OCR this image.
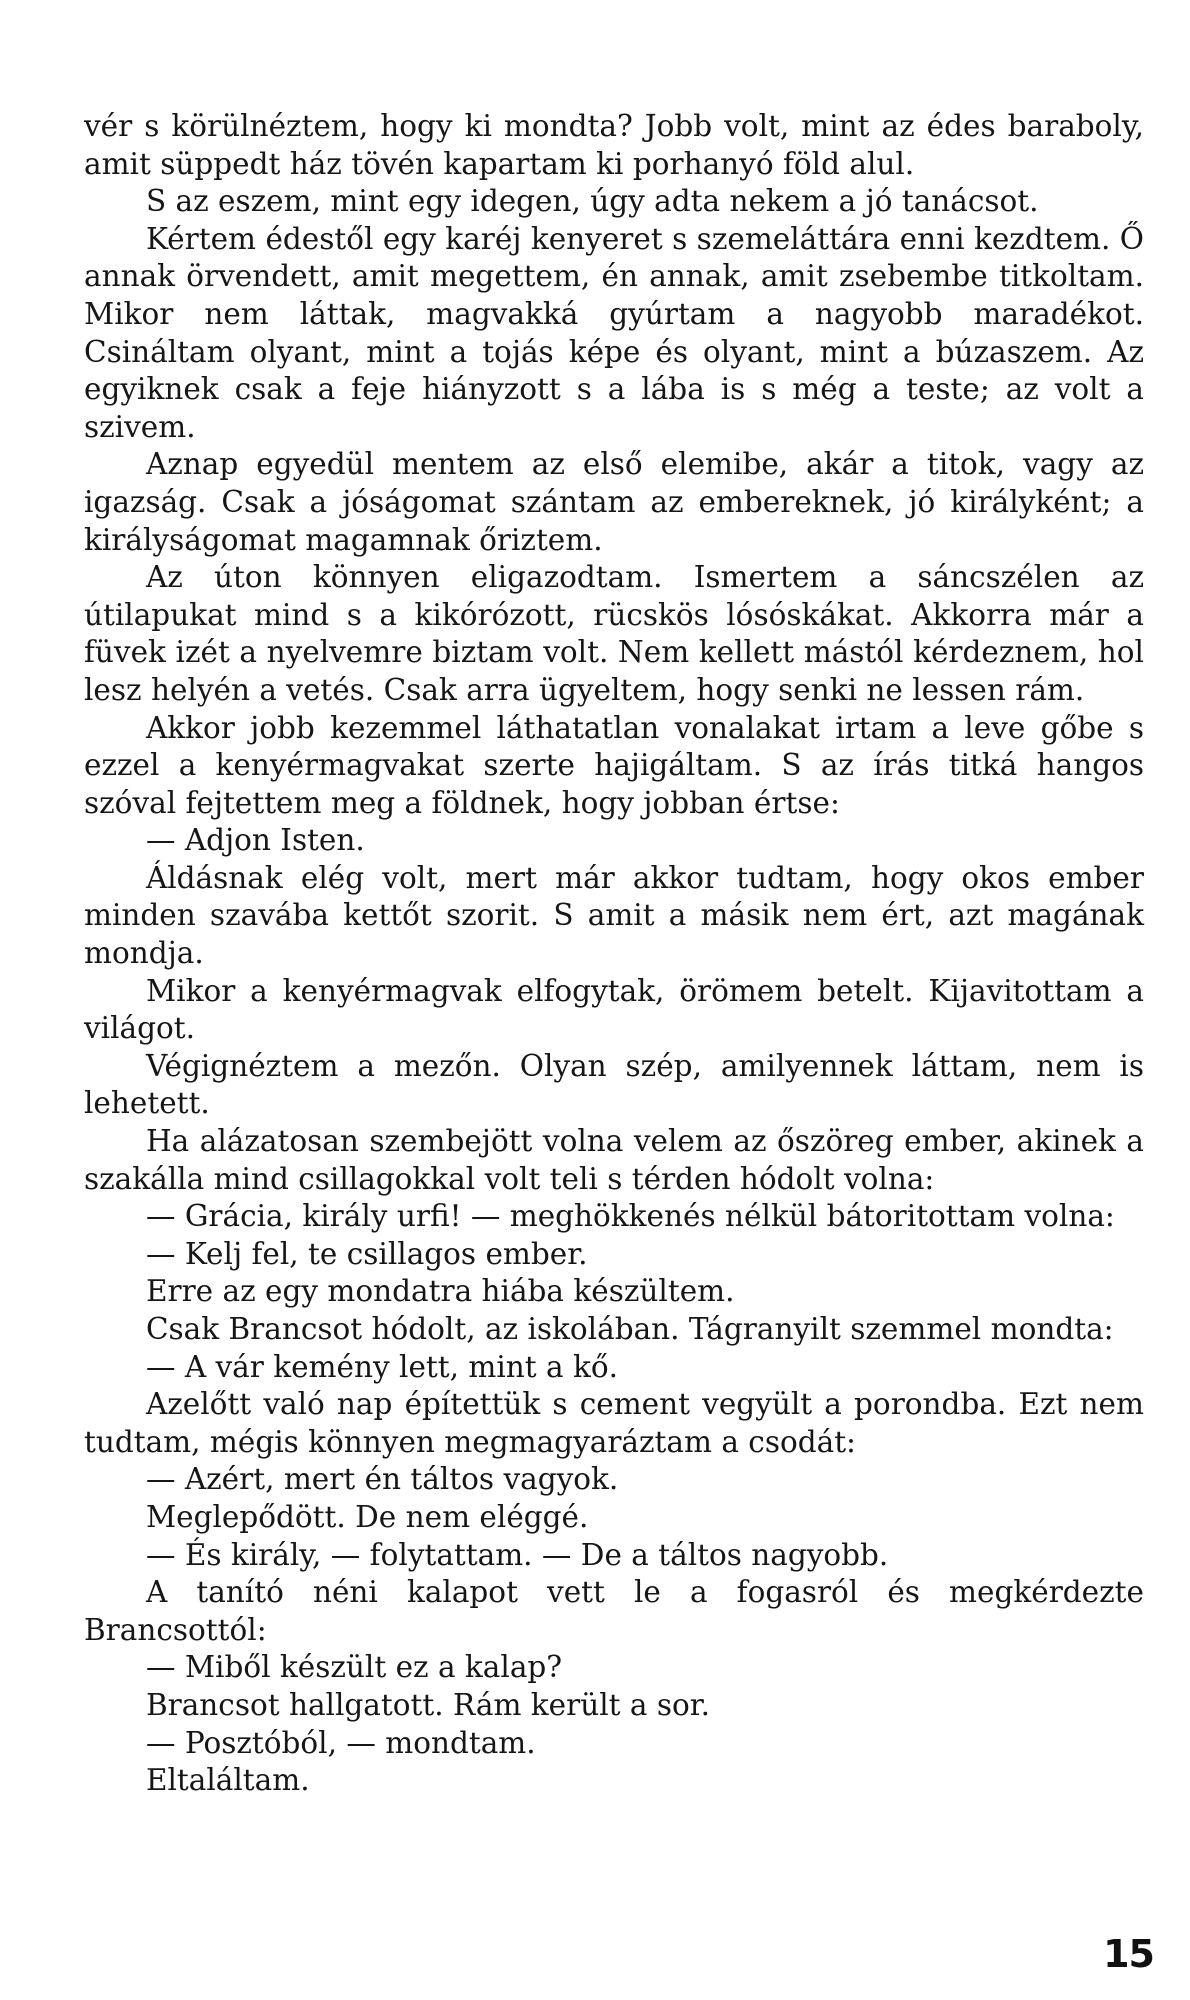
vér s körülnéztem, hogy ki mondta? Jobb volt, mint az édes baraboly, amit süppedt ház tövén kapartam ki porhanyó föld alul.

S az eszem, mint egy idegen, úgy adta nekem a jó tanácsot.

Kértem édestől egy karéj kenyeret s szemeláttára enni kezdtem. Ő annak örvendett, amit megettem, én annak, amit zsebembe titkoltam. Mikor nem láttak, magvakká gyúrtam a nagyobb maradékot. Csináltam olyant, mint a tojás képe és olyant, mint a búzaszem. Az egyiknek csak a feje hiányzott s a lába is s még a teste; az volt a szivem.

Aznap egyedül mentem az első elemibe, akár a titok, vagy az igazság. Csak a jóságomat szántam az embereknek, jó királyként; a királyságomat magamnak őriztem.

Az úton könnyen eligazodtam. Ismertem a sáncszélen az útilapukat mind s a kikórózott, rücskös lósóskákat. Akkorra már a füvek izét a nyelvemre biztam volt. Nem kellett mástól kérdeznem, hol lesz helyén a vetés. Csak arra ügyeltem, hogy senki ne lessen rám.

Akkor jobb kezemmel láthatatlan vonalakat irtam a leve gőbe s ezzel a kenyérmagvakat szerte hajigáltam. S az írás titká hangos szóval fejtettem meg a földnek, hogy jobban értse:

— Adjon Isten.

Áldásnak elég volt, mert már akkor tudtam, hogy okos ember minden szavába kettőt szorit. S amit a másik nem ért, azt magának mondja.

Mikor a kenyérmagvak elfogytak, örömem betelt. Kijavitottam a világot.

Végignéztem a mezőn. Olyan szép, amilyennek láttam, nem is lehetett.

Ha alázatosan szembejött volna velem az őszöreg ember, akinek a szakálla mind csillagokkal volt teli s térden hódolt volna:

— Grácia, király urfi! — meghökkenés nélkül bátoritottam volna:

— Kelj fel, te csillagos ember.

Erre az egy mondatra hiába készültem.

Csak Brancsot hódolt, az iskolában. Tágranyilt szemmel mondta:

— A vár kemény lett, mint a kő.

Azelőtt való nap építettük s cement vegyült a porondba. Ezt nem tudtam, mégis könnyen megmagyaráztam a csodát:

— Azért, mert én táltos vagyok.

Meglepődött. De nem eléggé.

— És király, — folytattam. — De a táltos nagyobb.

A tanító néni kalapot vett le a fogasról és megkérdezte Brancsottól:

— Miből készült ez a kalap?

Brancsot hallgatott. Rám került a sor.

— Posztóból, — mondtam.

Eltaláltam.

15
